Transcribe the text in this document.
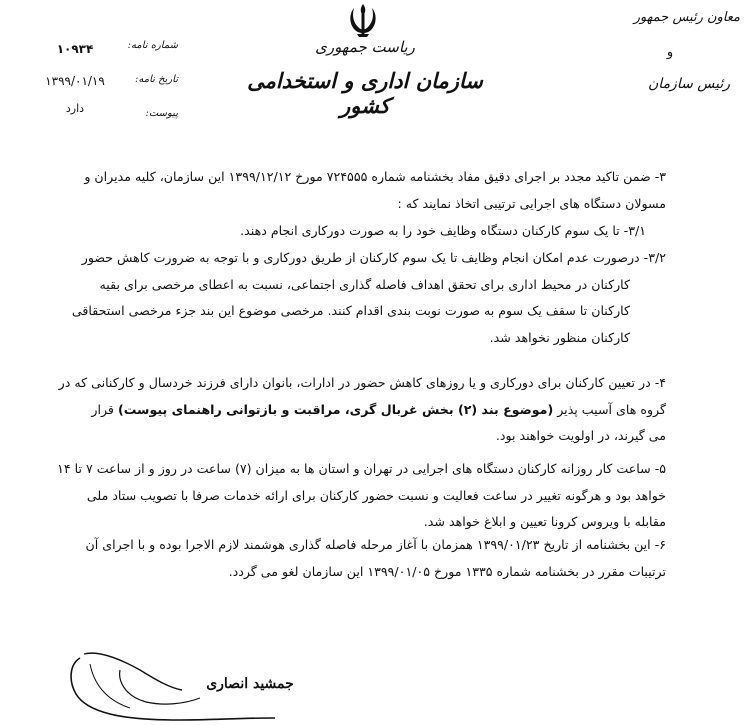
ریاست جمهوری
سازمان اداری و استخدامی کشور
معاون رئیس جمهور
و
رئیس سازمان
شماره نامه:
تاریخ نامه:
پیوست:
۱۰۹۳۴
۱۳۹۹/۰۱/۱۹
دارد

۳-ضمن تاکید مجدد بر اجرای دقیق مفاد بخشنامه شماره ۷۲۴۵۵۵ مورخ ۱۳۹۹/۱۲/۱۲ این سازمان، کلیه مدیران و

مسولان دستگاه های اجرایی ترتیبی اتخاذ نمایند که :

۳/۱-تا یک سوم کارکنان دستگاه وظایف خود را به صورت دورکاری انجام دهند.

۳/۲-درصورت عدم امکان انجام وظایف تا یک سوم کارکنان از طریق دورکاری و با توجه به ضرورت کاهش حضور

کارکنان در محیط اداری برای تحقق اهداف فاصله گذاری اجتماعی، نسبت به اعطای مرخصی برای بقیه

کارکنان تا سقف یک سوم به صورت نوبت بندی اقدام کنند. مرخصی موضوع این بند جزء مرخصی استحقاقی

کارکنان منظور نخواهد شد.

۴-در تعیین کارکنان برای دورکاری و یا روزهای کاهش حضور در ادارات، بانوان دارای فرزند خردسال و کارکنانی که در

گروه های آسیب پذیر (موضوع بند (۲) بخش غربال گری، مراقبت و بازتوانی راهنمای پیوست) قرار

می گیرند، در اولویت خواهند بود.

۵-ساعت کار روزانه کارکنان دستگاه های اجرایی در تهران و استان ها به میزان (۷) ساعت در روز و از ساعت ۷ تا ۱۴

خواهد بود و هرگونه تغییر در ساعت فعالیت و نسبت حضور کارکنان برای ارائه خدمات صرفا با تصویب ستاد ملی

مقابله با ویروس کرونا تعیین و ابلاغ خواهد شد.

۶-این بخشنامه از تاریخ ۱۳۹۹/۰۱/۲۳ همزمان با آغاز مرحله فاصله گذاری هوشمند لازم الاجرا بوده و با اجرای آن

ترتیبات مقرر در بخشنامه شماره ۱۳۳۵ مورخ ۱۳۹۹/۰۱/۰۵ این سازمان لغو می گردد.

جمشید انصاری
